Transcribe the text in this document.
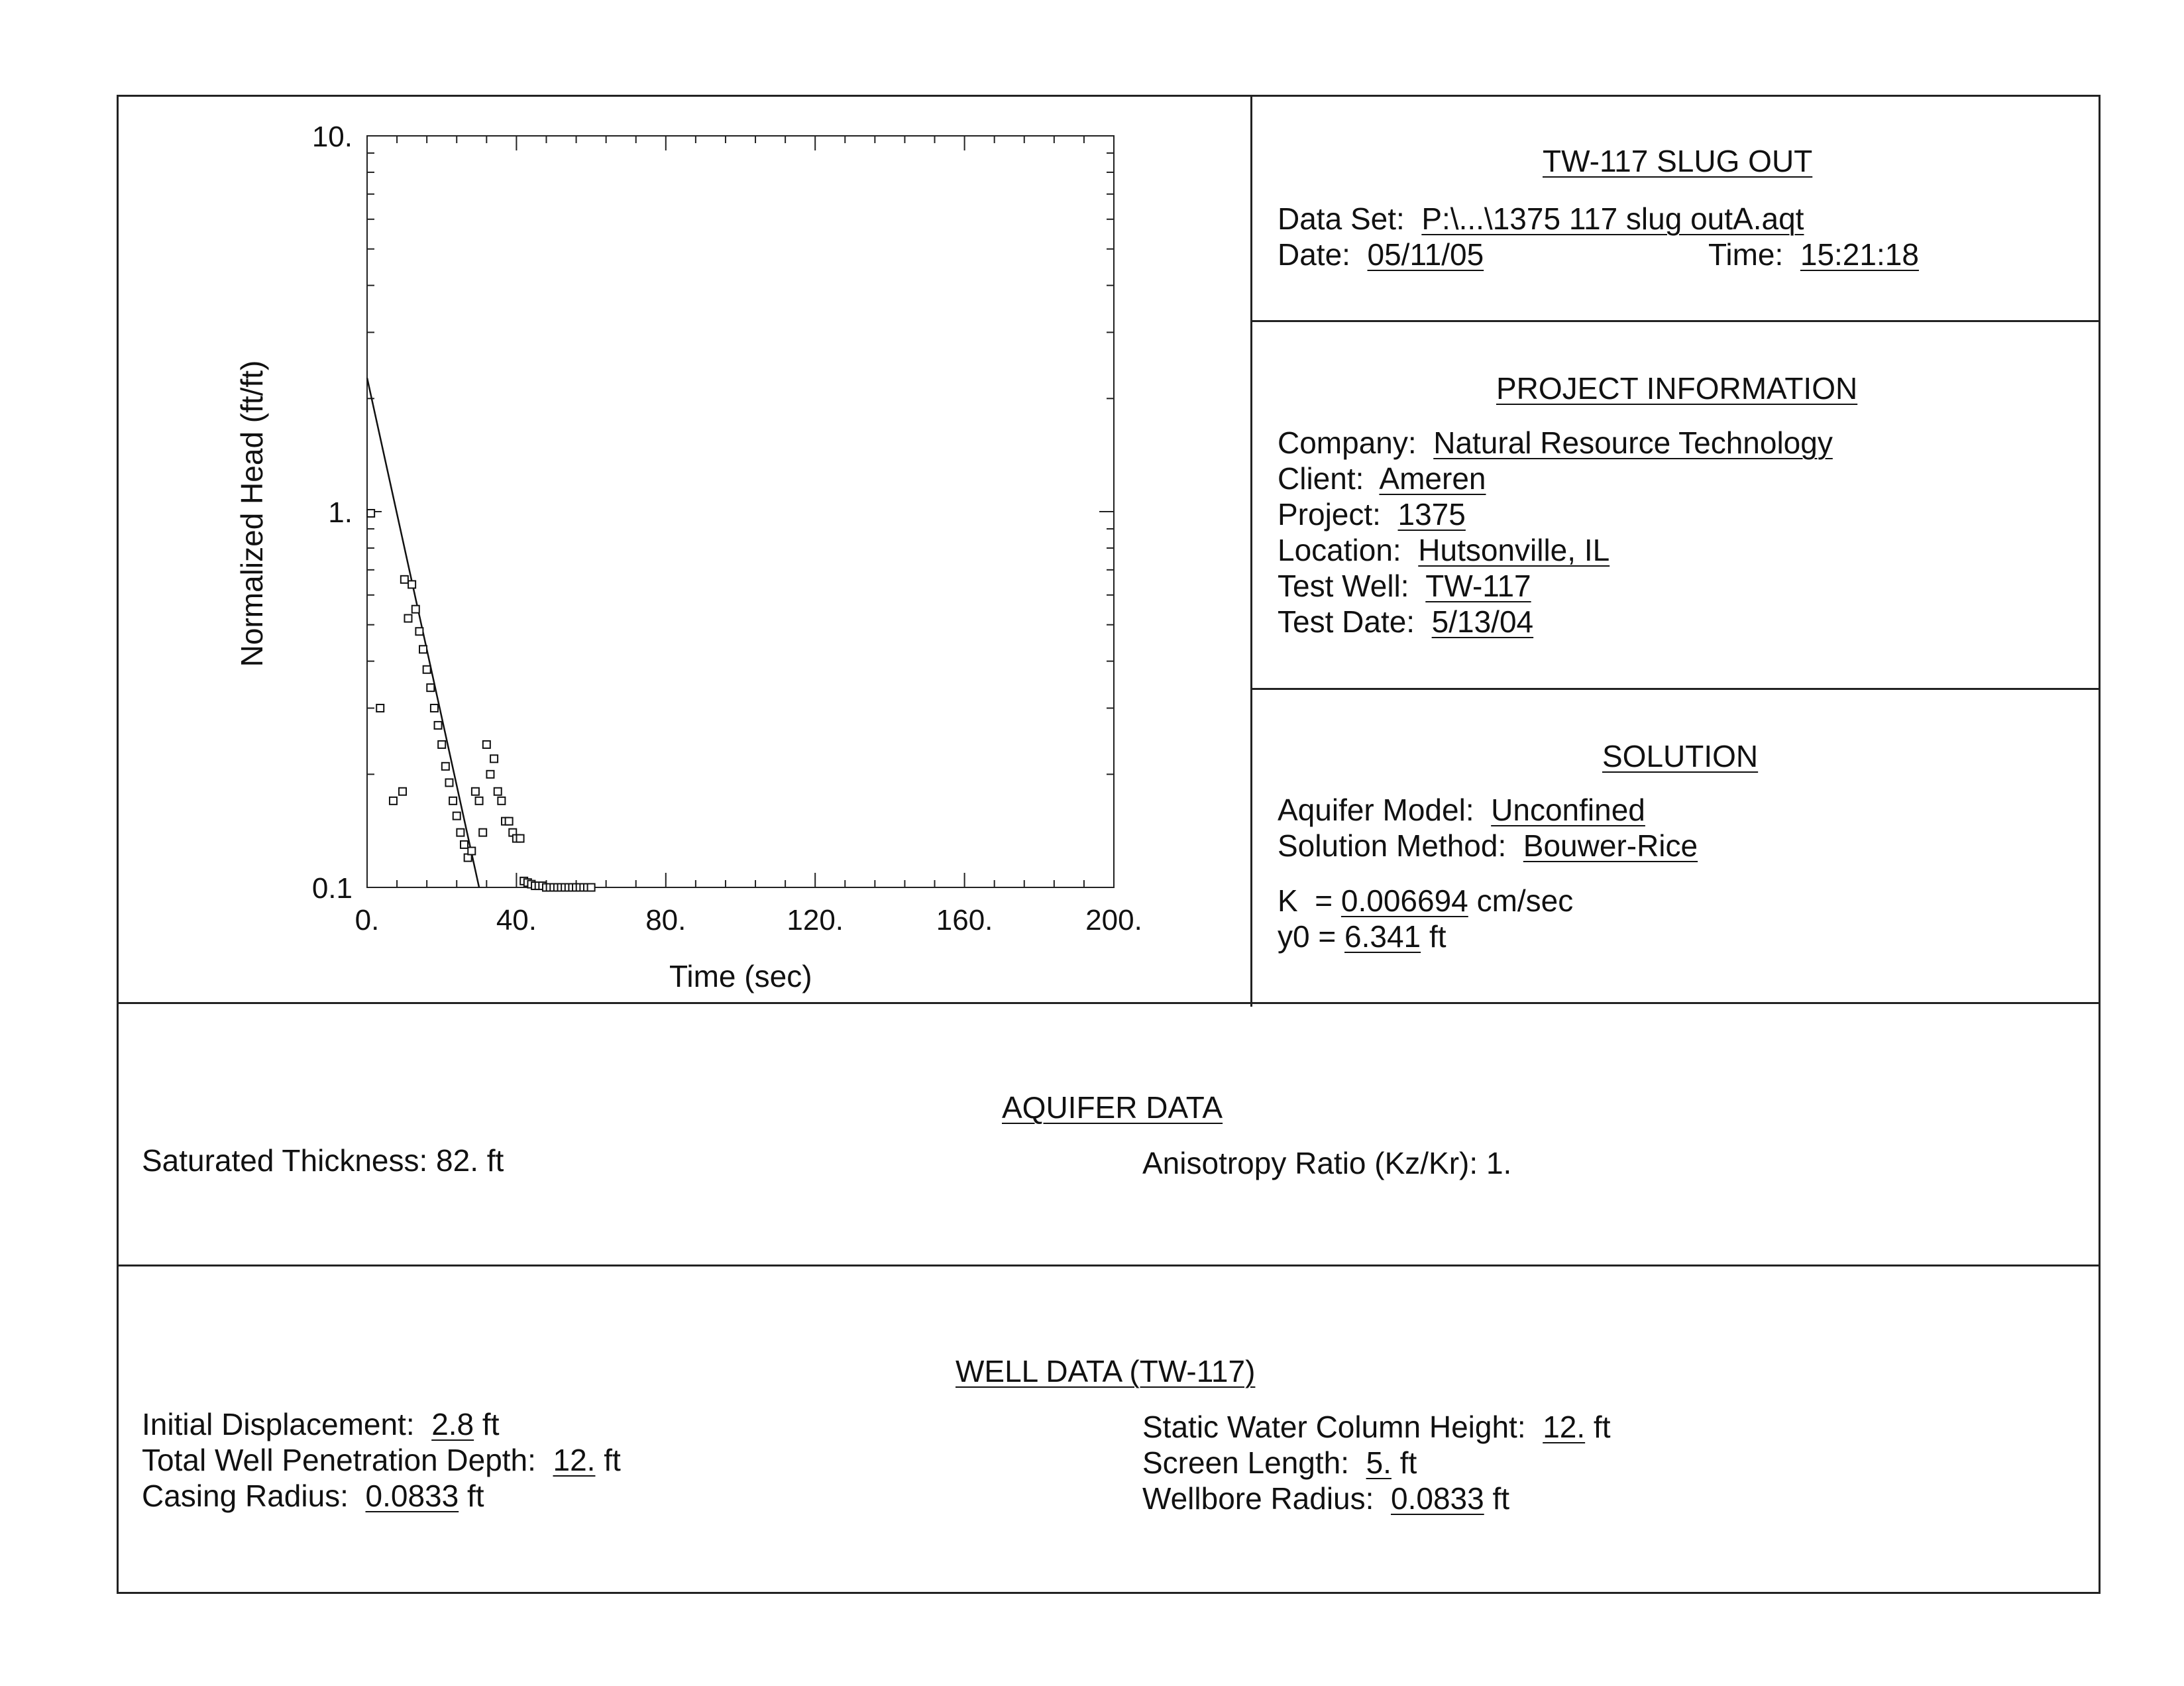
0.	40.	80.	120.	160.	200.
0.1
1.
10.
Time (sec)
Normalized Head (ft/ft)
TW-117 SLUG OUT
Data Set: P:\...\1375 117 slug outA.aqt
Date: 05/11/05	Time: 15:21:18
PROJECT INFORMATION
Company: Natural Resource Technology
Client: Ameren
Project: 1375
Location: Hutsonville, IL
Test Well: TW-117
Test Date: 5/13/04
SOLUTION
Aquifer Model: Unconfined
Solution Method: Bouwer-Rice
K  = 0.006694 cm/sec
y0 = 6.341 ft
AQUIFER DATA
Saturated Thickness: 82. ft	Anisotropy Ratio (Kz/Kr): 1.
WELL DATA (TW-117)
Initial Displacement: 2.8 ft
Total Well Penetration Depth: 12. ft
Casing Radius: 0.0833 ft
Static Water Column Height: 12. ft
Screen Length: 5. ft
Wellbore Radius: 0.0833 ft
